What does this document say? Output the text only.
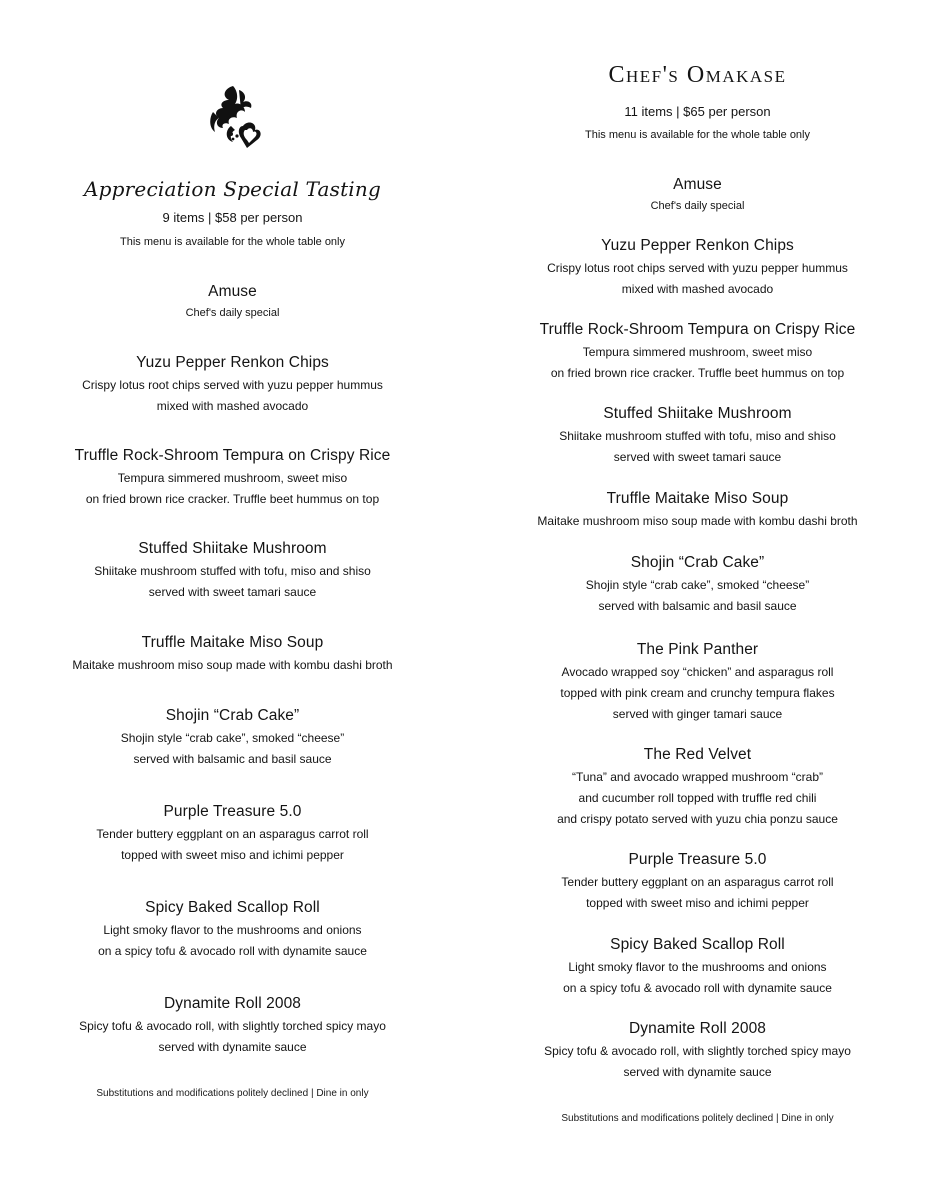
Appreciation Special Tasting
9 items | $58 per person
This menu is available for the whole table only
Amuse
Chef's daily special
Yuzu Pepper Renkon Chips
Crispy lotus root chips served with yuzu pepper hummus
mixed with mashed avocado
Truffle Rock-Shroom Tempura on Crispy Rice
Tempura simmered mushroom, sweet miso
on fried brown rice cracker. Truffle beet hummus on top
Stuffed Shiitake Mushroom
Shiitake mushroom stuffed with tofu, miso and shiso
served with sweet tamari sauce
Truffle Maitake Miso Soup
Maitake mushroom miso soup made with kombu dashi broth
Shojin “Crab Cake”
Shojin style “crab cake”, smoked “cheese”
served with balsamic and basil sauce
Purple Treasure 5.0
Tender buttery eggplant on an asparagus carrot roll
topped with sweet miso and ichimi pepper
Spicy Baked Scallop Roll
Light smoky flavor to the mushrooms and onions
on a spicy tofu & avocado roll with dynamite sauce
Dynamite Roll 2008
Spicy tofu & avocado roll, with slightly torched spicy mayo
served with dynamite sauce
Substitutions and modifications politely declined | Dine in only
Chef's Omakase
11 items | $65 per person
This menu is available for the whole table only
Amuse
Chef's daily special
Yuzu Pepper Renkon Chips
Crispy lotus root chips served with yuzu pepper hummus
mixed with mashed avocado
Truffle Rock-Shroom Tempura on Crispy Rice
Tempura simmered mushroom, sweet miso
on fried brown rice cracker. Truffle beet hummus on top
Stuffed Shiitake Mushroom
Shiitake mushroom stuffed with tofu, miso and shiso
served with sweet tamari sauce
Truffle Maitake Miso Soup
Maitake mushroom miso soup made with kombu dashi broth
Shojin “Crab Cake”
Shojin style “crab cake”, smoked “cheese”
served with balsamic and basil sauce
The Pink Panther
Avocado wrapped soy “chicken” and asparagus roll
topped with pink cream and crunchy tempura flakes
served with ginger tamari sauce
The Red Velvet
“Tuna” and avocado wrapped mushroom “crab”
and cucumber roll topped with truffle red chili
and crispy potato served with yuzu chia ponzu sauce
Purple Treasure 5.0
Tender buttery eggplant on an asparagus carrot roll
topped with sweet miso and ichimi pepper
Spicy Baked Scallop Roll
Light smoky flavor to the mushrooms and onions
on a spicy tofu & avocado roll with dynamite sauce
Dynamite Roll 2008
Spicy tofu & avocado roll, with slightly torched spicy mayo
served with dynamite sauce
Substitutions and modifications politely declined | Dine in only
